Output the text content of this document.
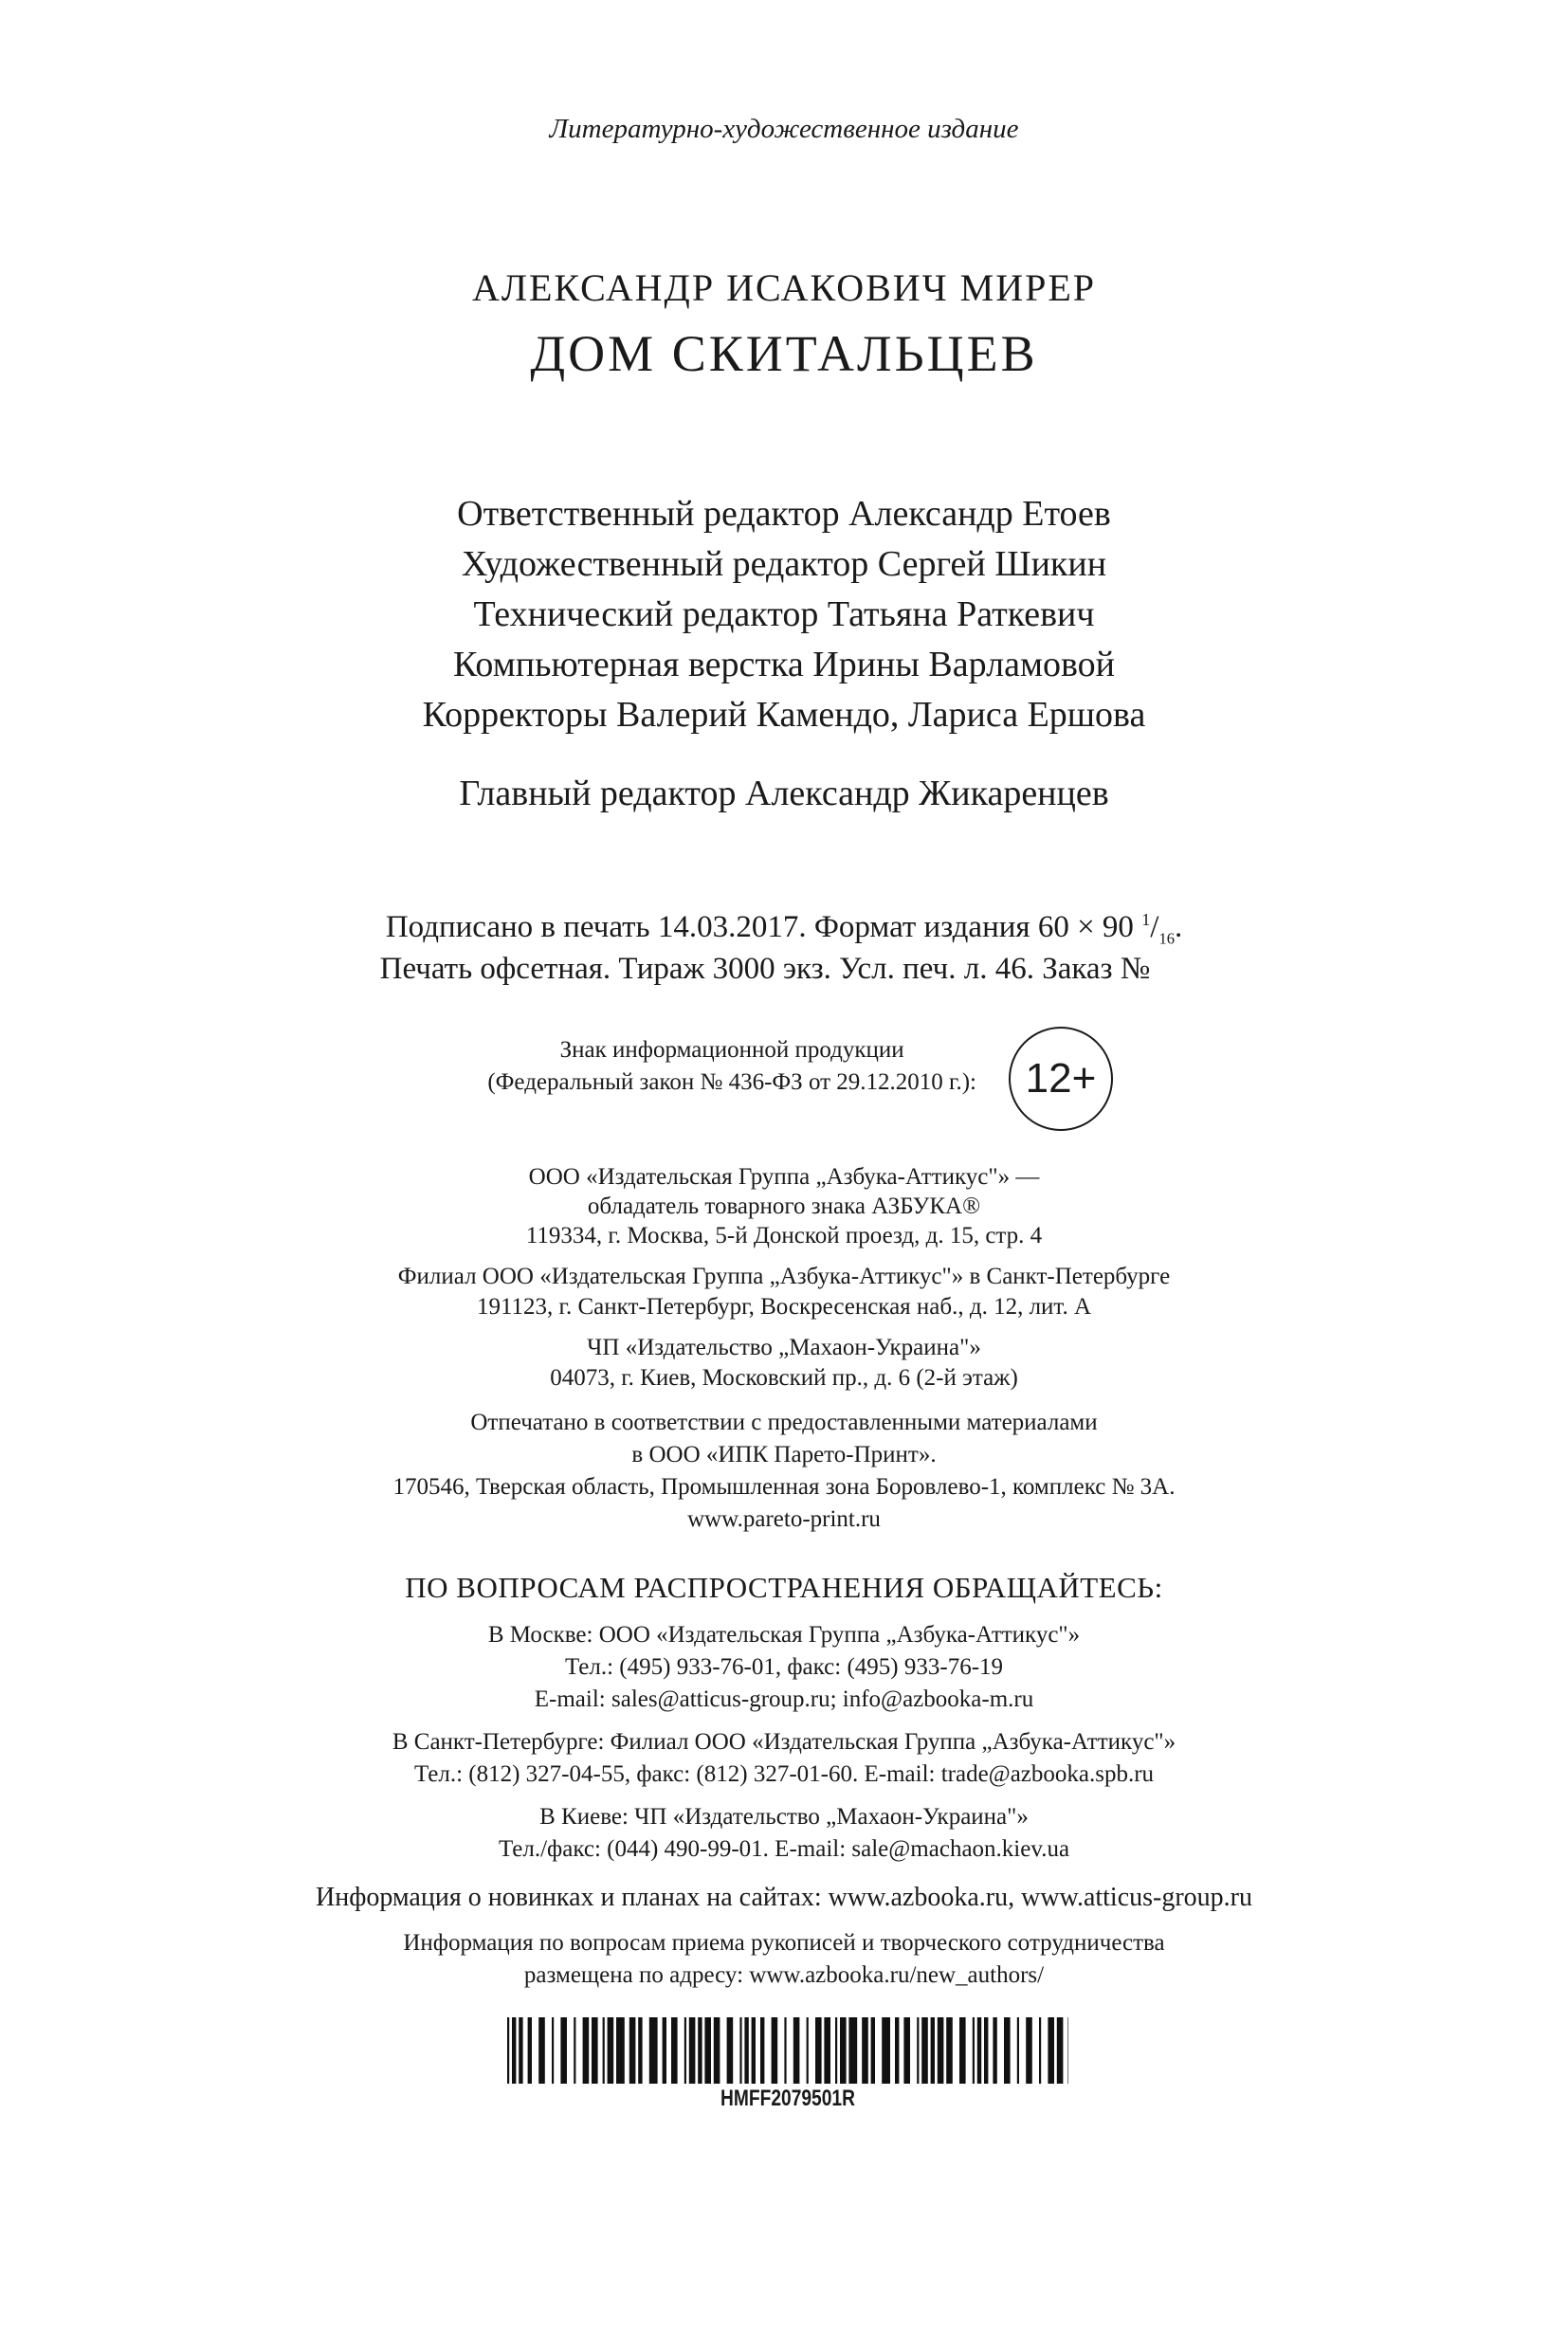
Литературно-художественное издание
АЛЕКСАНДР ИСАКОВИЧ МИРЕР
ДОМ СКИТАЛЬЦЕВ
Ответственный редактор Александр Етоев
Художественный редактор Сергей Шикин
Технический редактор Татьяна Раткевич
Компьютерная верстка Ирины Варламовой
Корректоры Валерий Камендо, Лариса Ершова
Главный редактор Александр Жикаренцев
Подписано в печать 14.03.2017. Формат издания 60 × 90 $^1/_{16}$.
Печать офсетная. Тираж 3000 экз. Усл. печ. л. 46. Заказ №
Знак информационной продукции
(Федеральный закон № 436-ФЗ от 29.12.2010 г.):	12+
ООО «Издательская Группа „Азбука-Аттикус"» —
обладатель товарного знака АЗБУКА®
119334, г. Москва, 5-й Донской проезд, д. 15, стр. 4
Филиал ООО «Издательская Группа „Азбука-Аттикус"» в Санкт-Петербурге
191123, г. Санкт-Петербург, Воскресенская наб., д. 12, лит. А
ЧП «Издательство „Махаон-Украина"»
04073, г. Киев, Московский пр., д. 6 (2-й этаж)
Отпечатано в соответствии с предоставленными материалами
в ООО «ИПК Парето-Принт».
170546, Тверская область, Промышленная зона Боровлево-1, комплекс № 3А.
www.pareto-print.ru
ПО ВОПРОСАМ РАСПРОСТРАНЕНИЯ ОБРАЩАЙТЕСЬ:
В Москве: ООО «Издательская Группа „Азбука-Аттикус"»
Тел.: (495) 933-76-01, факс: (495) 933-76-19
E-mail: sales@atticus-group.ru; info@azbooka-m.ru
В Санкт-Петербурге: Филиал ООО «Издательская Группа „Азбука-Аттикус"»
Тел.: (812) 327-04-55, факс: (812) 327-01-60. E-mail: trade@azbooka.spb.ru
В Киеве: ЧП «Издательство „Махаон-Украина"»
Тел./факс: (044) 490-99-01. E-mail: sale@machaon.kiev.ua
Информация о новинках и планах на сайтах: www.azbooka.ru, www.atticus-group.ru
Информация по вопросам приема рукописей и творческого сотрудничества
размещена по адресу: www.azbooka.ru/new_authors/
HMFF2079501R
